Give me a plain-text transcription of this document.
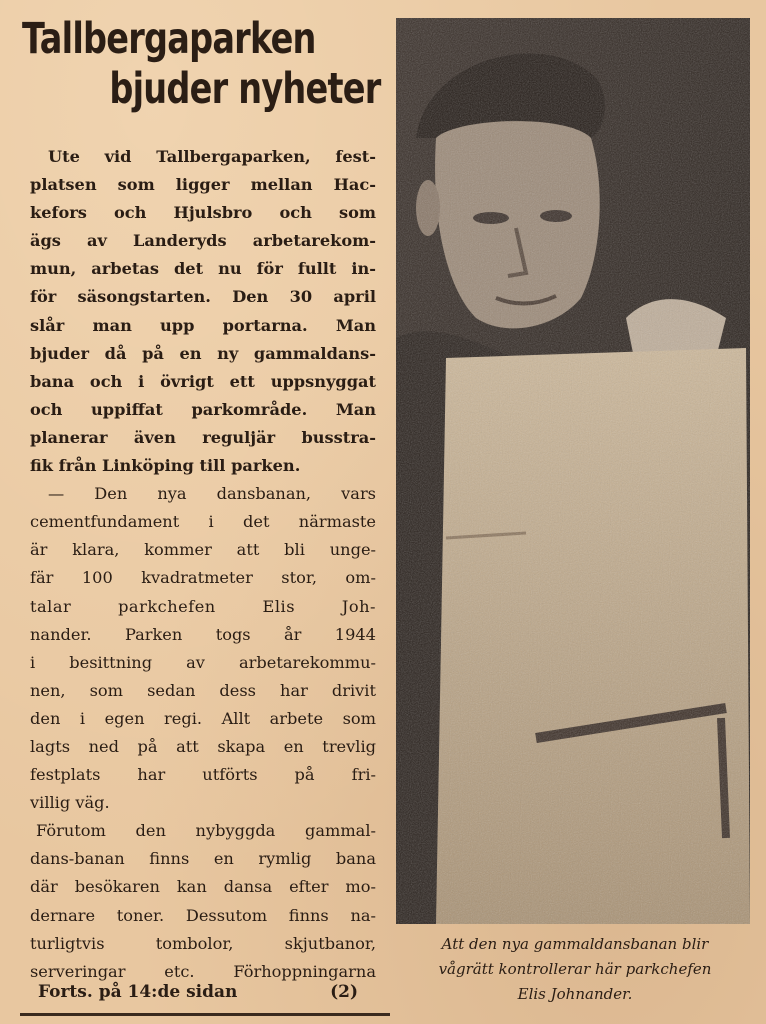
Tallbergaparken
bjuder nyheter

Ute vid Tallbergaparken, fest-
platsen som ligger mellan Hac-
kefors och Hjulsbro och som
ägs av Landeryds arbetarekom-
mun, arbetas det nu för fullt in-
för säsongstarten. Den 30 april
slår man upp portarna. Man
bjuder då på en ny gammaldans-
bana och i övrigt ett uppsnyggat
och uppiffat parkområde. Man
planerar även reguljär busstra-
fik från Linköping till parken.

— Den nya dansbanan, vars
cementfundament i det närmaste
är klara, kommer att bli unge-
fär 100 kvadratmeter stor, om-
talar parkchefen Elis Joh-
nander. Parken togs år 1944
i besittning av arbetarekommu-
nen, som sedan dess har drivit
den i egen regi. Allt arbete som
lagts ned på att skapa en trevlig
festplats har utförts på fri-
villig väg.

Förutom den nybyggda gammal-
dans-banan finns en rymlig bana
där besökaren kan dansa efter mo-
dernare toner. Dessutom finns na-
turligtvis tombolor, skjutbanor,
serveringar etc. Förhoppningarna

Forts. på 14:de sidan	(2)
Att den nya gammaldansbanan blir
vågrätt kontrollerar här parkchefen
Elis Johnander.
